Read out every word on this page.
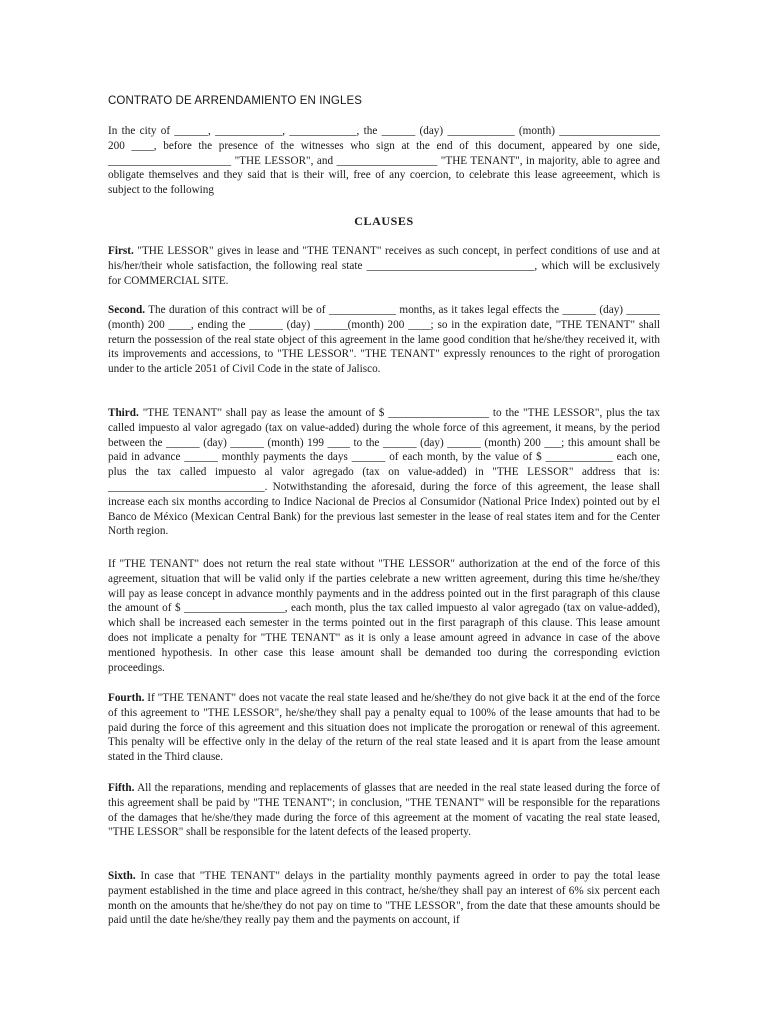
CONTRATO DE ARRENDAMIENTO EN INGLES

In the city of ______, ____________, ____________, the ______ (day) ____________ (month) __________________ 200 ____, before the presence of the witnesses who sign at the end of this document, appeared by one side, ______________________ "THE LESSOR", and __________________ "THE TENANT", in majority, able to agree and obligate themselves and they said that is their will, free of any coercion, to celebrate this lease agreeement, which is subject to the following

CLAUSES

First. "THE LESSOR" gives in lease and "THE TENANT" receives as such concept, in perfect conditions of use and at his/her/their whole satisfaction, the following real state ______________________________, which will be exclusively for COMMERCIAL SITE.

Second. The duration of this contract will be of ____________ months, as it takes legal effects the ______ (day) ______ (month) 200 ____, ending the ______ (day) ______(month) 200 ____; so in the expiration date, "THE TENANT" shall return the possession of the real state object of this agreement in the lame good condition that he/she/they received it, with its improvements and accessions, to "THE LESSOR". "THE TENANT" expressly renounces to the right of prorogation under to the article 2051 of Civil Code in the state of Jalisco.

Third. "THE TENANT" shall pay as lease the amount of $ __________________ to the "THE LESSOR", plus the tax called impuesto al valor agregado (tax on value-added) during the whole force of this agreement, it means, by the period between the ______ (day) ______ (month) 199 ____ to the ______ (day) ______ (month) 200 ___; this amount shall be paid in advance ______ monthly payments the days ______ of each month, by the value of $ ____________ each one, plus the tax called impuesto al valor agregado (tax on value-added) in "THE LESSOR" address that is: ____________________________. Notwithstanding the aforesaid, during the force of this agreement, the lease shall increase each six months according to Indice Nacional de Precios al Consumidor (National Price Index) pointed out by el Banco de México (Mexican Central Bank) for the previous last semester in the lease of real states item and for the Center North region.

If "THE TENANT" does not return the real state without "THE LESSOR" authorization at the end of the force of this agreement, situation that will be valid only if the parties celebrate a new written agreement, during this time he/she/they will pay as lease concept in advance monthly payments and in the address pointed out in the first paragraph of this clause the amount of $ __________________, each month, plus the tax called impuesto al valor agregado (tax on value-added), which shall be increased each semester in the terms pointed out in the first paragraph of this clause. This lease amount does not implicate a penalty for "THE TENANT" as it is only a lease amount agreed in advance in case of the above mentioned hypothesis. In other case this lease amount shall be demanded too during the corresponding eviction proceedings.

Fourth. If "THE TENANT" does not vacate the real state leased and he/she/they do not give back it at the end of the force of this agreement to "THE LESSOR", he/she/they shall pay a penalty equal to 100% of the lease amounts that had to be paid during the force of this agreement and this situation does not implicate the prorogation or renewal of this agreement. This penalty will be effective only in the delay of the return of the real state leased and it is apart from the lease amount stated in the Third clause.

Fifth. All the reparations, mending and replacements of glasses that are needed in the real state leased during the force of this agreement shall be paid by "THE TENANT"; in conclusion, "THE TENANT" will be responsible for the reparations of the damages that he/she/they made during the force of this agreement at the moment of vacating the real state leased, "THE LESSOR" shall be responsible for the latent defects of the leased property.

Sixth. In case that "THE TENANT" delays in the partiality monthly payments agreed in order to pay the total lease payment established in the time and place agreed in this contract, he/she/they shall pay an interest of 6% six percent each month on the amounts that he/she/they do not pay on time to "THE LESSOR", from the date that these amounts should be paid until the date he/she/they really pay them and the payments on account, if
